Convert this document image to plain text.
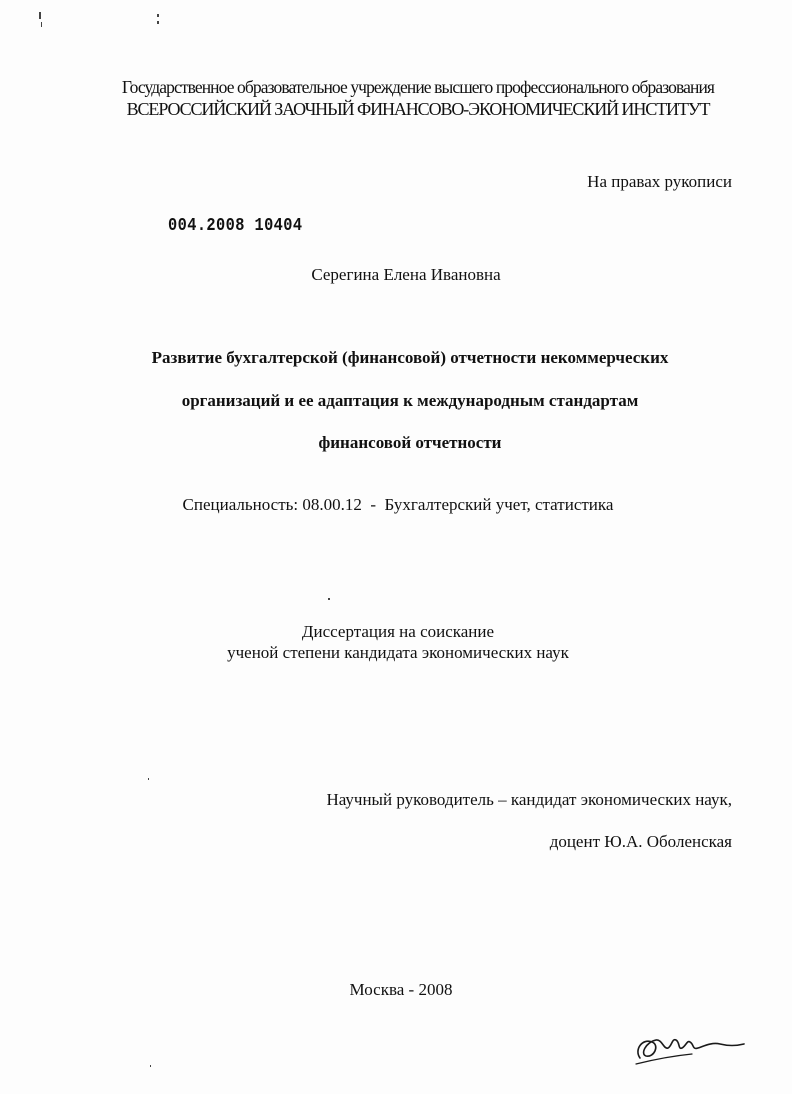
Государственное образовательное учреждение высшего профессионального образования
ВСЕРОССИЙСКИЙ ЗАОЧНЫЙ ФИНАНСОВО-ЭКОНОМИЧЕСКИЙ ИНСТИТУТ
На правах рукописи
004.2008 10404
Серегина Елена Ивановна
Развитие бухгалтерской (финансовой) отчетности некоммерческих
организаций и ее адаптация к международным стандартам
финансовой отчетности
Специальность: 08.00.12  -  Бухгалтерский учет, статистика
Диссертация на соискание
ученой степени кандидата экономических наук
Научный руководитель – кандидат экономических наук,
доцент Ю.А. Оболенская
Москва - 2008
